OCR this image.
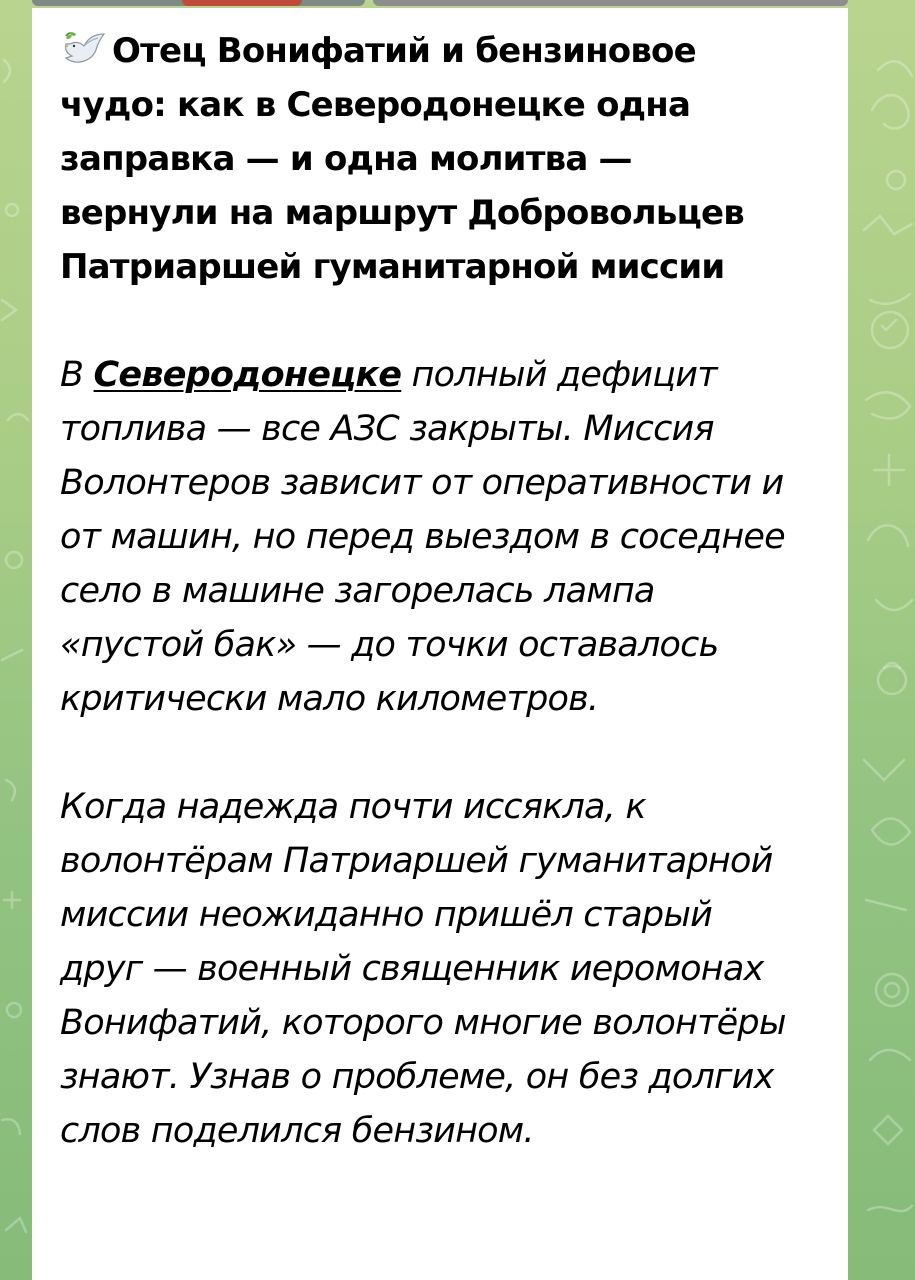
Отец Вонифатий и бензиновое чудо: как в Северодонецке одна заправка — и одна молитва — вернули на маршрут Добровольцев Патриаршей гуманитарной миссии

В Северодонецке полный дефицит топлива — все АЗС закрыты. Миссия Волонтеров зависит от оперативности и от машин, но перед выездом в соседнее село в машине загорелась лампа «пустой бак» — до точки оставалось критически мало километров.

Когда надежда почти иссякла, к волонтёрам Патриаршей гуманитарной миссии неожиданно пришёл старый друг — военный священник иеромонах Вонифатий, которого многие волонтёры знают. Узнав о проблеме, он без долгих слов поделился бензином.
